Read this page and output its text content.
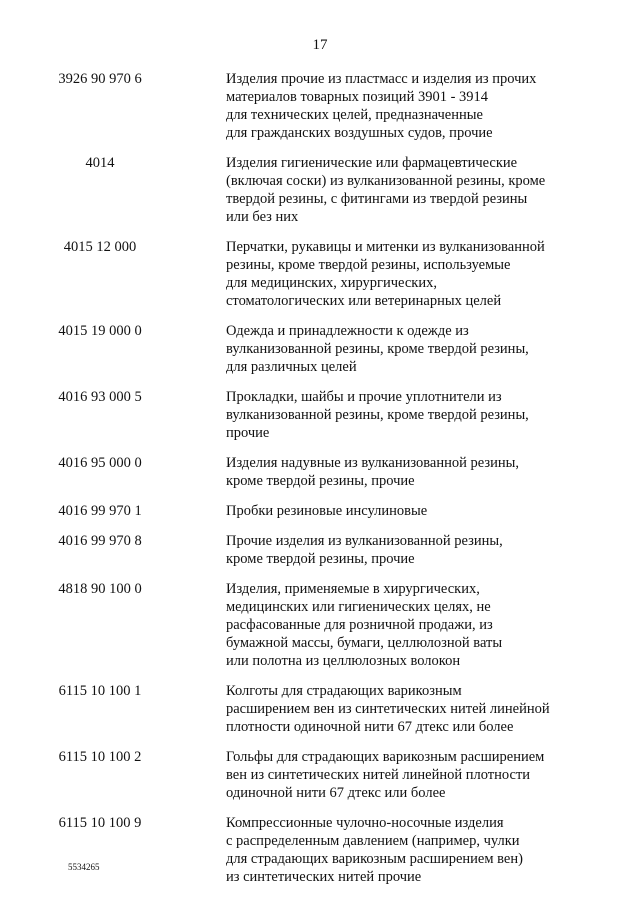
17
3926 90 970 6	Изделия прочие из пластмасс и изделия из прочих
материалов товарных позиций 3901 - 3914
для технических целей, предназначенные
для гражданских воздушных судов, прочие
4014	Изделия гигиенические или фармацевтические
(включая соски) из вулканизованной резины, кроме
твердой резины, с фитингами из твердой резины
или без них
4015 12 000	Перчатки, рукавицы и митенки из вулканизованной
резины, кроме твердой резины, используемые
для медицинских, хирургических,
стоматологических или ветеринарных целей
4015 19 000 0	Одежда и принадлежности к одежде из
вулканизованной резины, кроме твердой резины,
для различных целей
4016 93 000 5	Прокладки, шайбы и прочие уплотнители из
вулканизованной резины, кроме твердой резины,
прочие
4016 95 000 0	Изделия надувные из вулканизованной резины,
кроме твердой резины, прочие
4016 99 970 1	Пробки резиновые инсулиновые
4016 99 970 8	Прочие изделия из вулканизованной резины,
кроме твердой резины, прочие
4818 90 100 0	Изделия, применяемые в хирургических,
медицинских или гигиенических целях, не
расфасованные для розничной продажи, из
бумажной массы, бумаги, целлюлозной ваты
или полотна из целлюлозных волокон
6115 10 100 1	Колготы для страдающих варикозным
расширением вен из синтетических нитей линейной
плотности одиночной нити 67 дтекс или более
6115 10 100 2	Гольфы для страдающих варикозным расширением
вен из синтетических нитей линейной плотности
одиночной нити 67 дтекс или более
6115 10 100 9	Компрессионные чулочно-носочные изделия
с распределенным давлением (например, чулки
для страдающих варикозным расширением вен)
из синтетических нитей прочие
5534265
